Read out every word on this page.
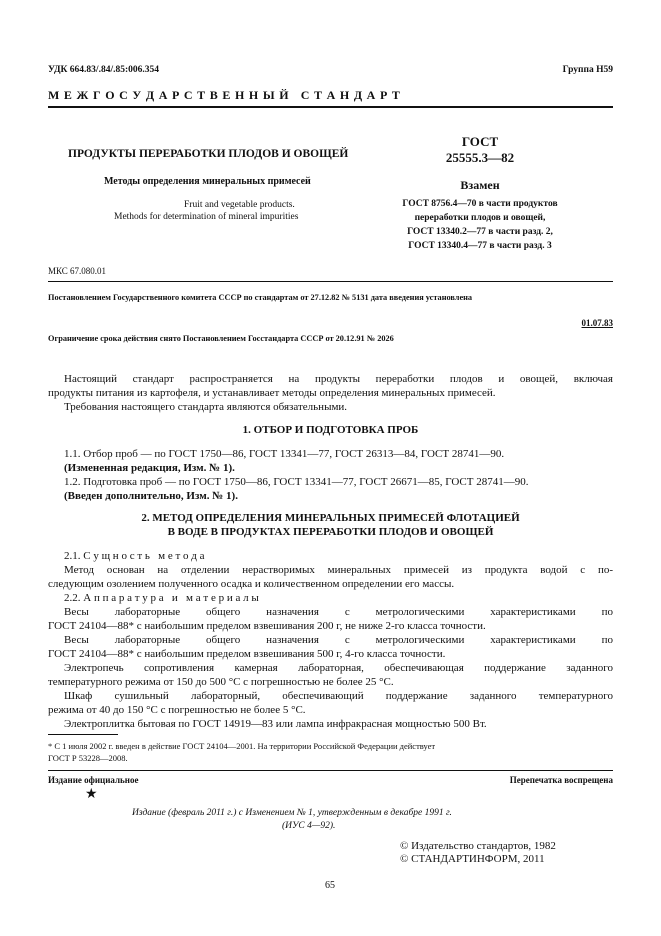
УДК 664.83/.84/.85:006.354	Группа Н59
М Е Ж Г О С У Д А Р С Т В Е Н Н Ы Й   С Т А Н Д А Р Т
ПРОДУКТЫ ПЕРЕРАБОТКИ ПЛОДОВ И ОВОЩЕЙ
Методы определения минеральных примесей
Fruit and vegetable products.
Methods for determination of mineral impurities
ГОСТ
25555.3—82
Взамен
ГОСТ 8756.4—70 в части продуктов
переработки плодов и овощей,
ГОСТ 13340.2—77 в части разд. 2,
ГОСТ 13340.4—77 в части разд. 3
МКС 67.080.01
Постановлением Государственного комитета СССР по стандартам от 27.12.82 № 5131 дата введения установлена
01.07.83
Ограничение срока действия снято Постановлением Госстандарта СССР от 20.12.91 № 2026
Настоящий стандарт распространяется на продукты переработки плодов и овощей, включая
продукты питания из картофеля, и устанавливает методы определения минеральных примесей.
Требования настоящего стандарта являются обязательными.
1. ОТБОР И ПОДГОТОВКА ПРОБ
1.1. Отбор проб — по ГОСТ 1750—86, ГОСТ 13341—77, ГОСТ 26313—84, ГОСТ 28741—90.
(Измененная редакция, Изм. № 1).
1.2. Подготовка проб — по ГОСТ 1750—86, ГОСТ 13341—77, ГОСТ 26671—85, ГОСТ 28741—90.
(Введен дополнительно, Изм. № 1).
2. МЕТОД ОПРЕДЕЛЕНИЯ МИНЕРАЛЬНЫХ ПРИМЕСЕЙ ФЛОТАЦИЕЙ
В ВОДЕ В ПРОДУКТАХ ПЕРЕРАБОТКИ ПЛОДОВ И ОВОЩЕЙ
2.1. С у щ н о с т ь   м е т о д а
Метод основан на отделении нерастворимых минеральных примесей из продукта водой с по-
следующим озолением полученного осадка и количественном определении его массы.
2.2. А п п а р а т у р а   и   м а т е р и а л ы
Весы лабораторные общего назначения с метрологическими характеристиками по
ГОСТ 24104—88* с наибольшим пределом взвешивания 200 г, не ниже 2-го класса точности.
Весы лабораторные общего назначения с метрологическими характеристиками по
ГОСТ 24104—88* с наибольшим пределом взвешивания 500 г, 4-го класса точности.
Электропечь сопротивления камерная лабораторная, обеспечивающая поддержание заданного
температурного режима от 150 до 500 °С с погрешностью не более 25 °С.
Шкаф сушильный лабораторный, обеспечивающий поддержание заданного температурного
режима от 40 до 150 °С с погрешностью не более 5 °С.
Электроплитка бытовая по ГОСТ 14919—83 или лампа инфракрасная мощностью 500 Вт.
* С 1 июля 2002 г. введен в действие ГОСТ 24104—2001. На территории Российской Федерации действует
ГОСТ Р 53228—2008.
Издание официальное	Перепечатка воспрещена
★
Издание (февраль 2011 г.) с Изменением № 1, утвержденным в декабре 1991 г.
(ИУС 4—92).
© Издательство стандартов, 1982
© СТАНДАРТИНФОРМ, 2011
65
